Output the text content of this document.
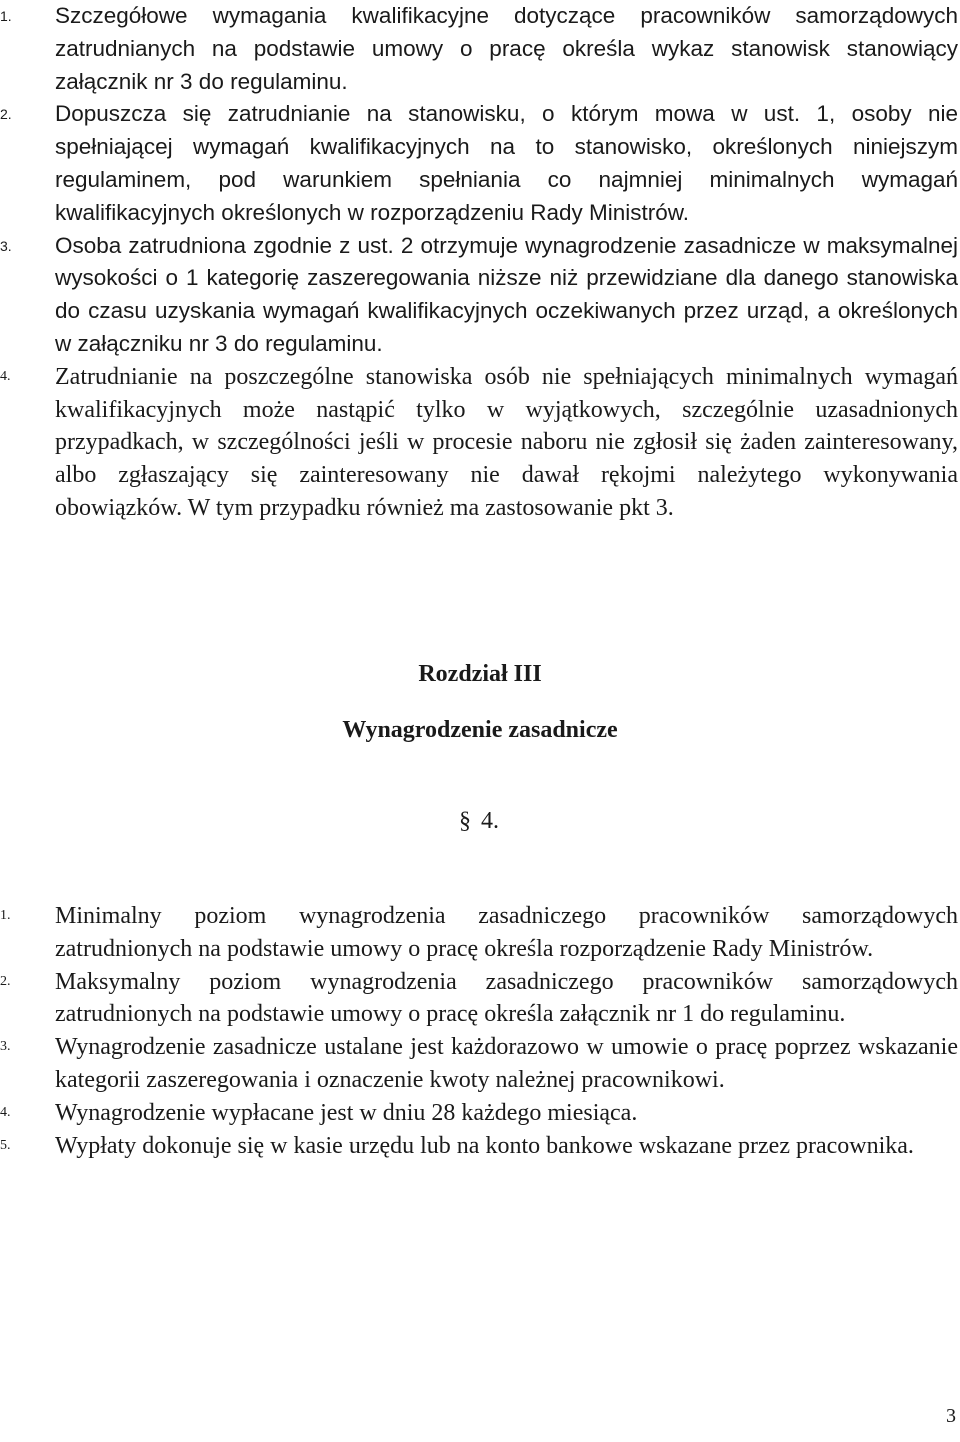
1. Szczegółowe wymagania kwalifikacyjne dotyczące pracowników samorządowych zatrudnianych na podstawie umowy o pracę określa wykaz stanowisk stanowiący załącznik nr 3 do regulaminu.
2. Dopuszcza się zatrudnianie na stanowisku, o którym mowa w ust. 1, osoby nie spełniającej wymagań kwalifikacyjnych na to stanowisko, określonych niniejszym regulaminem, pod warunkiem spełniania co najmniej minimalnych wymagań kwalifikacyjnych określonych w rozporządzeniu Rady Ministrów.
3. Osoba zatrudniona zgodnie z ust. 2 otrzymuje wynagrodzenie zasadnicze w maksymalnej wysokości o 1 kategorię zaszeregowania niższe niż przewidziane dla danego stanowiska do czasu uzyskania wymagań kwalifikacyjnych oczekiwanych przez urząd, a określonych w załączniku nr 3 do regulaminu.
4. Zatrudnianie na poszczególne stanowiska osób nie spełniających minimalnych wymagań kwalifikacyjnych może nastąpić tylko w wyjątkowych, szczególnie uzasadnionych przypadkach, w szczególności jeśli w procesie naboru nie zgłosił się żaden zainteresowany, albo zgłaszający się zainteresowany nie dawał rękojmi należytego wykonywania obowiązków. W tym przypadku również ma zastosowanie pkt 3.
Rozdział III
Wynagrodzenie zasadnicze
§ 4.
1. Minimalny poziom wynagrodzenia zasadniczego pracowników samorządowych zatrudnionych na podstawie umowy o pracę określa rozporządzenie Rady Ministrów.
2. Maksymalny poziom wynagrodzenia zasadniczego pracowników samorządowych zatrudnionych na podstawie umowy o pracę określa załącznik nr 1 do regulaminu.
3. Wynagrodzenie zasadnicze ustalane jest każdorazowo w umowie o pracę poprzez wskazanie kategorii zaszeregowania i oznaczenie kwoty należnej pracownikowi.
4. Wynagrodzenie wypłacane jest w dniu 28 każdego miesiąca.
5. Wypłaty dokonuje się w kasie urzędu lub na konto bankowe wskazane przez pracownika.
3
